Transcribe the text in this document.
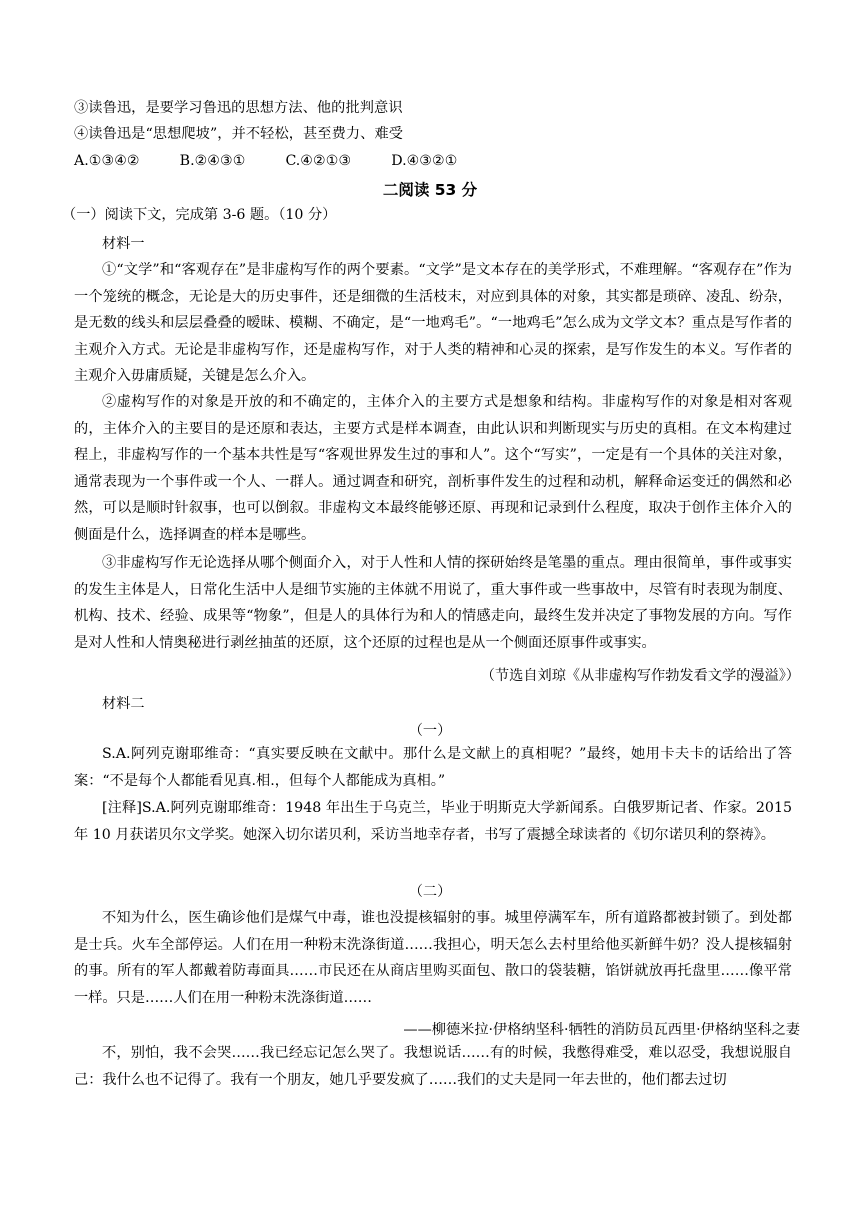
③读鲁迅，是要学习鲁迅的思想方法、他的批判意识
④读鲁迅是“思想爬坡”，并不轻松，甚至费力、难受
A.①③④②	B.②④③①	C.④②①③	D.④③②①
二阅读 53 分
（一）阅读下文，完成第 3-6 题。（10 分）
材料一
①“文学”和“客观存在”是非虚构写作的两个要素。“文学”是文本存在的美学形式，不难理解。“客观存在”作为一个笼统的概念，无论是大的历史事件，还是细微的生活枝末，对应到具体的对象，其实都是琐碎、凌乱、纷杂，是无数的线头和层层叠叠的暧昧、模糊、不确定，是“一地鸡毛”。“一地鸡毛”怎么成为文学文本？重点是写作者的主观介入方式。无论是非虚构写作，还是虚构写作，对于人类的精神和心灵的探索，是写作发生的本义。写作者的主观介入毋庸质疑，关键是怎么介入。
②虚构写作的对象是开放的和不确定的，主体介入的主要方式是想象和结构。非虚构写作的对象是相对客观的，主体介入的主要目的是还原和表达，主要方式是样本调查，由此认识和判断现实与历史的真相。在文本构建过程上，非虚构写作的一个基本共性是写“客观世界发生过的事和人”。这个“写实”，一定是有一个具体的关注对象，通常表现为一个事件或一个人、一群人。通过调查和研究，剖析事件发生的过程和动机，解释命运变迁的偶然和必然，可以是顺时针叙事，也可以倒叙。非虚构文本最终能够还原、再现和记录到什么程度，取决于创作主体介入的侧面是什么，选择调查的样本是哪些。
③非虚构写作无论选择从哪个侧面介入，对于人性和人情的探研始终是笔墨的重点。理由很简单，事件或事实的发生主体是人，日常化生活中人是细节实施的主体就不用说了，重大事件或一些事故中，尽管有时表现为制度、机构、技术、经验、成果等“物象”，但是人的具体行为和人的情感走向，最终生发并决定了事物发展的方向。写作是对人性和人情奥秘进行剥丝抽茧的还原，这个还原的过程也是从一个侧面还原事件或事实。
（节选自刘琼《从非虚构写作勃发看文学的漫溢》）
材料二
（一）
S.A.阿列克谢耶维奇：“真实要反映在文献中。那什么是文献上的真相呢？”最终，她用卡夫卡的话给出了答案：“不是每个人都能看见真.相.，但每个人都能成为真相。”
[注释]S.A.阿列克谢耶维奇：1948 年出生于乌克兰，毕业于明斯克大学新闻系。白俄罗斯记者、作家。2015 年 10 月获诺贝尔文学奖。她深入切尔诺贝利，采访当地幸存者，书写了震撼全球读者的《切尔诺贝利的祭祷》。
（二）
不知为什么，医生确诊他们是煤气中毒，谁也没提核辐射的事。城里停满军车，所有道路都被封锁了。到处都是士兵。火车全部停运。人们在用一种粉末洗涤街道……我担心，明天怎么去村里给他买新鲜牛奶？没人提核辐射的事。所有的军人都戴着防毒面具……市民还在从商店里购买面包、散口的袋装糖，馅饼就放再托盘里……像平常一样。只是……人们在用一种粉末洗涤街道……
——柳德米拉·伊格纳坚科·牺牲的消防员瓦西里·伊格纳坚科之妻
不，别怕，我不会哭……我已经忘记怎么哭了。我想说话……有的时候，我憋得难受，难以忍受，我想说服自己：我什么也不记得了。我有一个朋友，她几乎要发疯了……我们的丈夫是同一年去世的，他们都去过切
